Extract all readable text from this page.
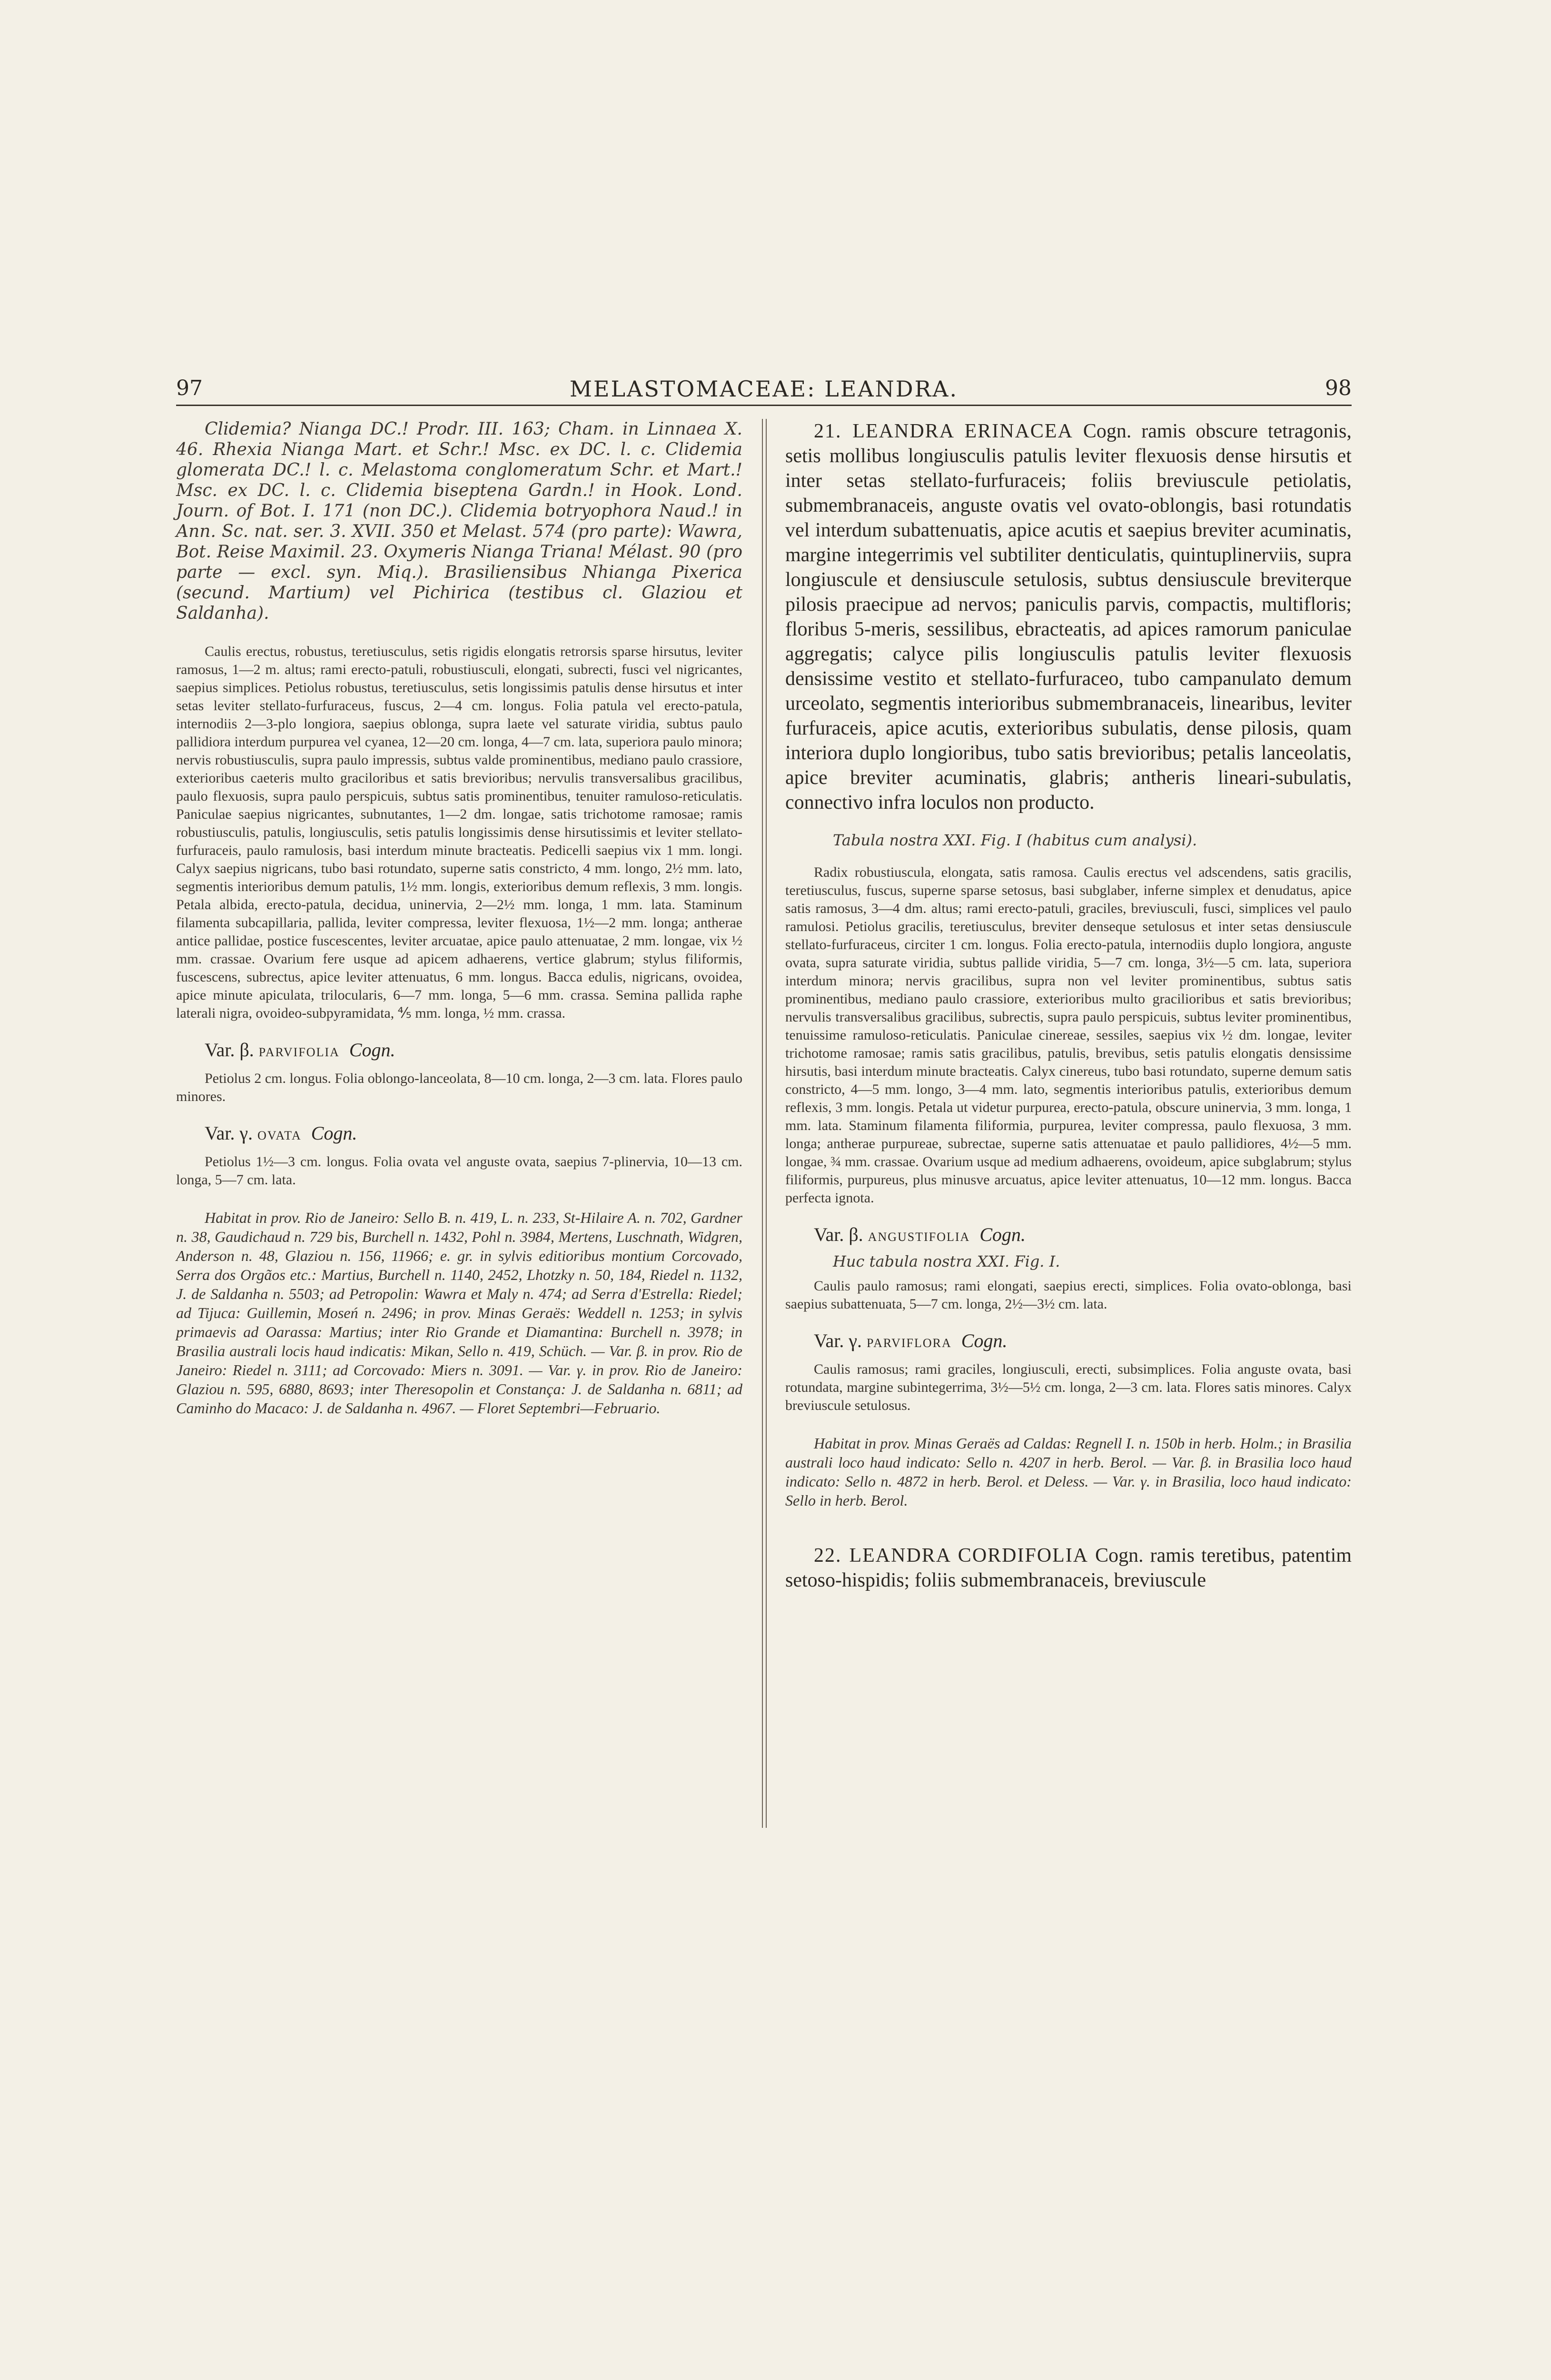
97	MELASTOMACEAE: LEANDRA.	98

Clidemia? Nianga DC.! Prodr. III. 163; Cham. in Linnaea X. 46. Rhexia Nianga Mart. et Schr.! Msc. ex DC. l. c. Clidemia glomerata DC.! l. c. Melastoma conglomeratum Schr. et Mart.! Msc. ex DC. l. c. Clidemia biseptena Gardn.! in Hook. Lond. Journ. of Bot. I. 171 (non DC.). Clidemia botryophora Naud.! in Ann. Sc. nat. ser. 3. XVII. 350 et Melast. 574 (pro parte): Wawra, Bot. Reise Maximil. 23. Oxymeris Nianga Triana! Mélast. 90 (pro parte — excl. syn. Miq.). Brasiliensibus Nhianga Pixerica (secund. Martium) vel Pichirica (testibus cl. Glaziou et Saldanha).

Caulis erectus, robustus, teretiusculus, setis rigidis elongatis retrorsis sparse hirsutus, leviter ramosus, 1—2 m. altus; rami erecto-patuli, robustiusculi, elongati, subrecti, fusci vel nigricantes, saepius simplices. Petiolus robustus, teretiusculus, setis longissimis patulis dense hirsutus et inter setas leviter stellato-furfuraceus, fuscus, 2—4 cm. longus. Folia patula vel erecto-patula, internodiis 2—3-plo longiora, saepius oblonga, supra laete vel saturate viridia, subtus paulo pallidiora interdum purpurea vel cyanea, 12—20 cm. longa, 4—7 cm. lata, superiora paulo minora; nervis robustiusculis, supra paulo impressis, subtus valde prominentibus, mediano paulo crassiore, exterioribus caeteris multo graciloribus et satis brevioribus; nervulis transversalibus gracilibus, paulo flexuosis, supra paulo perspicuis, subtus satis prominentibus, tenuiter ramuloso-reticulatis. Paniculae saepius nigricantes, subnutantes, 1—2 dm. longae, satis trichotome ramosae; ramis robustiusculis, patulis, longiusculis, setis patulis longissimis dense hirsutissimis et leviter stellato-furfuraceis, paulo ramulosis, basi interdum minute bracteatis. Pedicelli saepius vix 1 mm. longi. Calyx saepius nigricans, tubo basi rotundato, superne satis constricto, 4 mm. longo, 2½ mm. lato, segmentis interioribus demum patulis, 1½ mm. longis, exterioribus demum reflexis, 3 mm. longis. Petala albida, erecto-patula, decidua, uninervia, 2—2½ mm. longa, 1 mm. lata. Staminum filamenta subcapillaria, pallida, leviter compressa, leviter flexuosa, 1½—2 mm. longa; antherae antice pallidae, postice fuscescentes, leviter arcuatae, apice paulo attenuatae, 2 mm. longae, vix ½ mm. crassae. Ovarium fere usque ad apicem adhaerens, vertice glabrum; stylus filiformis, fuscescens, subrectus, apice leviter attenuatus, 6 mm. longus. Bacca edulis, nigricans, ovoidea, apice minute apiculata, trilocularis, 6—7 mm. longa, 5—6 mm. crassa. Semina pallida raphe laterali nigra, ovoideo-subpyramidata, ⅘ mm. longa, ½ mm. crassa.

Var. β. PARVIFOLIA Cogn.

Petiolus 2 cm. longus. Folia oblongo-lanceolata, 8—10 cm. longa, 2—3 cm. lata. Flores paulo minores.

Var. γ. OVATA Cogn.

Petiolus 1½—3 cm. longus. Folia ovata vel anguste ovata, saepius 7-plinervia, 10—13 cm. longa, 5—7 cm. lata.

Habitat in prov. Rio de Janeiro: Sello B. n. 419, L. n. 233, St-Hilaire A. n. 702, Gardner n. 38, Gaudichaud n. 729 bis, Burchell n. 1432, Pohl n. 3984, Mertens, Luschnath, Widgren, Anderson n. 48, Glaziou n. 156, 11966; e. gr. in sylvis editioribus montium Corcovado, Serra dos Orgãos etc.: Martius, Burchell n. 1140, 2452, Lhotzky n. 50, 184, Riedel n. 1132, J. de Saldanha n. 5503; ad Petropolin: Wawra et Maly n. 474; ad Serra d'Estrella: Riedel; ad Tijuca: Guillemin, Moseń n. 2496; in prov. Minas Geraës: Weddell n. 1253; in sylvis primaevis ad Oarassa: Martius; inter Rio Grande et Diamantina: Burchell n. 3978; in Brasilia australi locis haud indicatis: Mikan, Sello n. 419, Schüch. — Var. β. in prov. Rio de Janeiro: Riedel n. 3111; ad Corcovado: Miers n. 3091. — Var. γ. in prov. Rio de Janeiro: Glaziou n. 595, 6880, 8693; inter Theresopolin et Constança: J. de Saldanha n. 6811; ad Caminho do Macaco: J. de Saldanha n. 4967. — Floret Septembri—Februario.

21. LEANDRA ERINACEA Cogn. ramis obscure tetragonis, setis mollibus longiusculis patulis leviter flexuosis dense hirsutis et inter setas stellato-furfuraceis; foliis breviuscule petiolatis, submembranaceis, anguste ovatis vel ovato-oblongis, basi rotundatis vel interdum subattenuatis, apice acutis et saepius breviter acuminatis, margine integerrimis vel subtiliter denticulatis, quintuplinerviis, supra longiuscule et densiuscule setulosis, subtus densiuscule breviterque pilosis praecipue ad nervos; paniculis parvis, compactis, multifloris; floribus 5-meris, sessilibus, ebracteatis, ad apices ramorum paniculae aggregatis; calyce pilis longiusculis patulis leviter flexuosis densissime vestito et stellato-furfuraceo, tubo campanulato demum urceolato, segmentis interioribus submembranaceis, linearibus, leviter furfuraceis, apice acutis, exterioribus subulatis, dense pilosis, quam interiora duplo longioribus, tubo satis brevioribus; petalis lanceolatis, apice breviter acuminatis, glabris; antheris lineari-subulatis, connectivo infra loculos non producto.

Tabula nostra XXI. Fig. I (habitus cum analysi).

Radix robustiuscula, elongata, satis ramosa. Caulis erectus vel adscendens, satis gracilis, teretiusculus, fuscus, superne sparse setosus, basi subglaber, inferne simplex et denudatus, apice satis ramosus, 3—4 dm. altus; rami erecto-patuli, graciles, breviusculi, fusci, simplices vel paulo ramulosi. Petiolus gracilis, teretiusculus, breviter denseque setulosus et inter setas densiuscule stellato-furfuraceus, circiter 1 cm. longus. Folia erecto-patula, internodiis duplo longiora, anguste ovata, supra saturate viridia, subtus pallide viridia, 5—7 cm. longa, 3½—5 cm. lata, superiora interdum minora; nervis gracilibus, supra non vel leviter prominentibus, subtus satis prominentibus, mediano paulo crassiore, exterioribus multo gracilioribus et satis brevioribus; nervulis transversalibus gracilibus, subrectis, supra paulo perspicuis, subtus leviter prominentibus, tenuissime ramuloso-reticulatis. Paniculae cinereae, sessiles, saepius vix ½ dm. longae, leviter trichotome ramosae; ramis satis gracilibus, patulis, brevibus, setis patulis elongatis densissime hirsutis, basi interdum minute bracteatis. Calyx cinereus, tubo basi rotundato, superne demum satis constricto, 4—5 mm. longo, 3—4 mm. lato, segmentis interioribus patulis, exterioribus demum reflexis, 3 mm. longis. Petala ut videtur purpurea, erecto-patula, obscure uninervia, 3 mm. longa, 1 mm. lata. Staminum filamenta filiformia, purpurea, leviter compressa, paulo flexuosa, 3 mm. longa; antherae purpureae, subrectae, superne satis attenuatae et paulo pallidiores, 4½—5 mm. longae, ¾ mm. crassae. Ovarium usque ad medium adhaerens, ovoideum, apice subglabrum; stylus filiformis, purpureus, plus minusve arcuatus, apice leviter attenuatus, 10—12 mm. longus. Bacca perfecta ignota.

Var. β. ANGUSTIFOLIA Cogn.

Huc tabula nostra XXI. Fig. I.

Caulis paulo ramosus; rami elongati, saepius erecti, simplices. Folia ovato-oblonga, basi saepius subattenuata, 5—7 cm. longa, 2½—3½ cm. lata.

Var. γ. PARVIFLORA Cogn.

Caulis ramosus; rami graciles, longiusculi, erecti, subsimplices. Folia anguste ovata, basi rotundata, margine subintegerrima, 3½—5½ cm. longa, 2—3 cm. lata. Flores satis minores. Calyx breviuscule setulosus.

Habitat in prov. Minas Geraës ad Caldas: Regnell I. n. 150b in herb. Holm.; in Brasilia australi loco haud indicato: Sello n. 4207 in herb. Berol. — Var. β. in Brasilia loco haud indicato: Sello n. 4872 in herb. Berol. et Deless. — Var. γ. in Brasilia, loco haud indicato: Sello in herb. Berol.

22. LEANDRA CORDIFOLIA Cogn. ramis teretibus, patentim setoso-hispidis; foliis submembranaceis, breviuscule
